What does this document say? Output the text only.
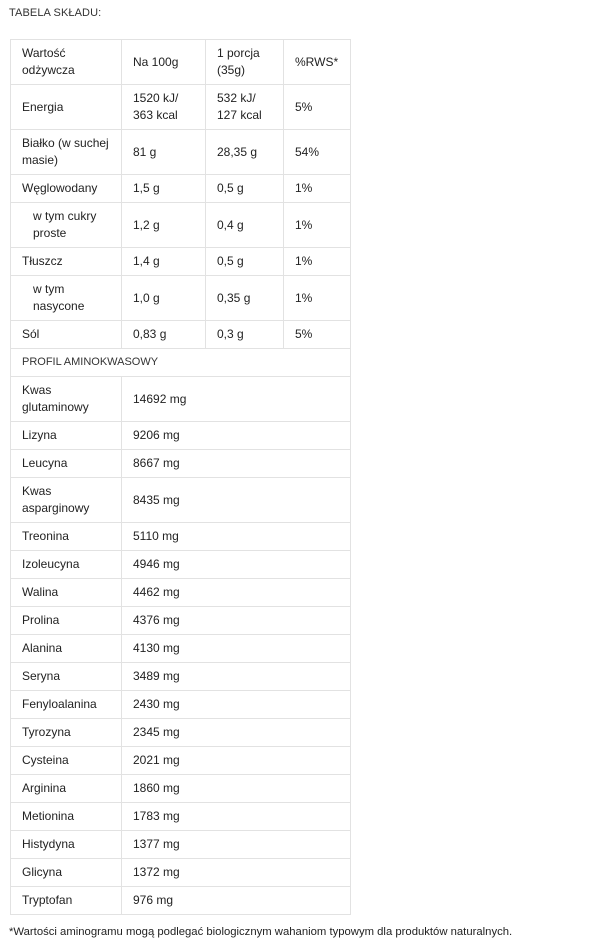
TABELA SKŁADU:
Wartość odżywcza	Na 100g	1 porcja (35g)	%RWS*
Energia	1520 kJ/ 363 kcal	532 kJ/ 127 kcal	5%
Białko (w suchej masie)	81 g	28,35 g	54%
Węglowodany	1,5 g	0,5 g	1%
w tym cukry proste	1,2 g	0,4 g	1%
Tłuszcz	1,4 g	0,5 g	1%
w tym nasycone	1,0 g	0,35 g	1%
Sól	0,83 g	0,3 g	5%
PROFIL AMINOKWASOWY			
Kwas glutaminowy	14692 mg		
Lizyna	9206 mg		
Leucyna	8667 mg		
Kwas asparginowy	8435 mg		
Treonina	5110 mg		
Izoleucyna	4946 mg		
Walina	4462 mg		
Prolina	4376 mg		
Alanina	4130 mg		
Seryna	3489 mg		
Fenyloalanina	2430 mg		
Tyrozyna	2345 mg		
Cysteina	2021 mg		
Arginina	1860 mg		
Metionina	1783 mg		
Histydyna	1377 mg		
Glicyna	1372 mg		
Tryptofan	976 mg		
*Wartości aminogramu mogą podlegać biologicznym wahaniom typowym dla produktów naturalnych.
